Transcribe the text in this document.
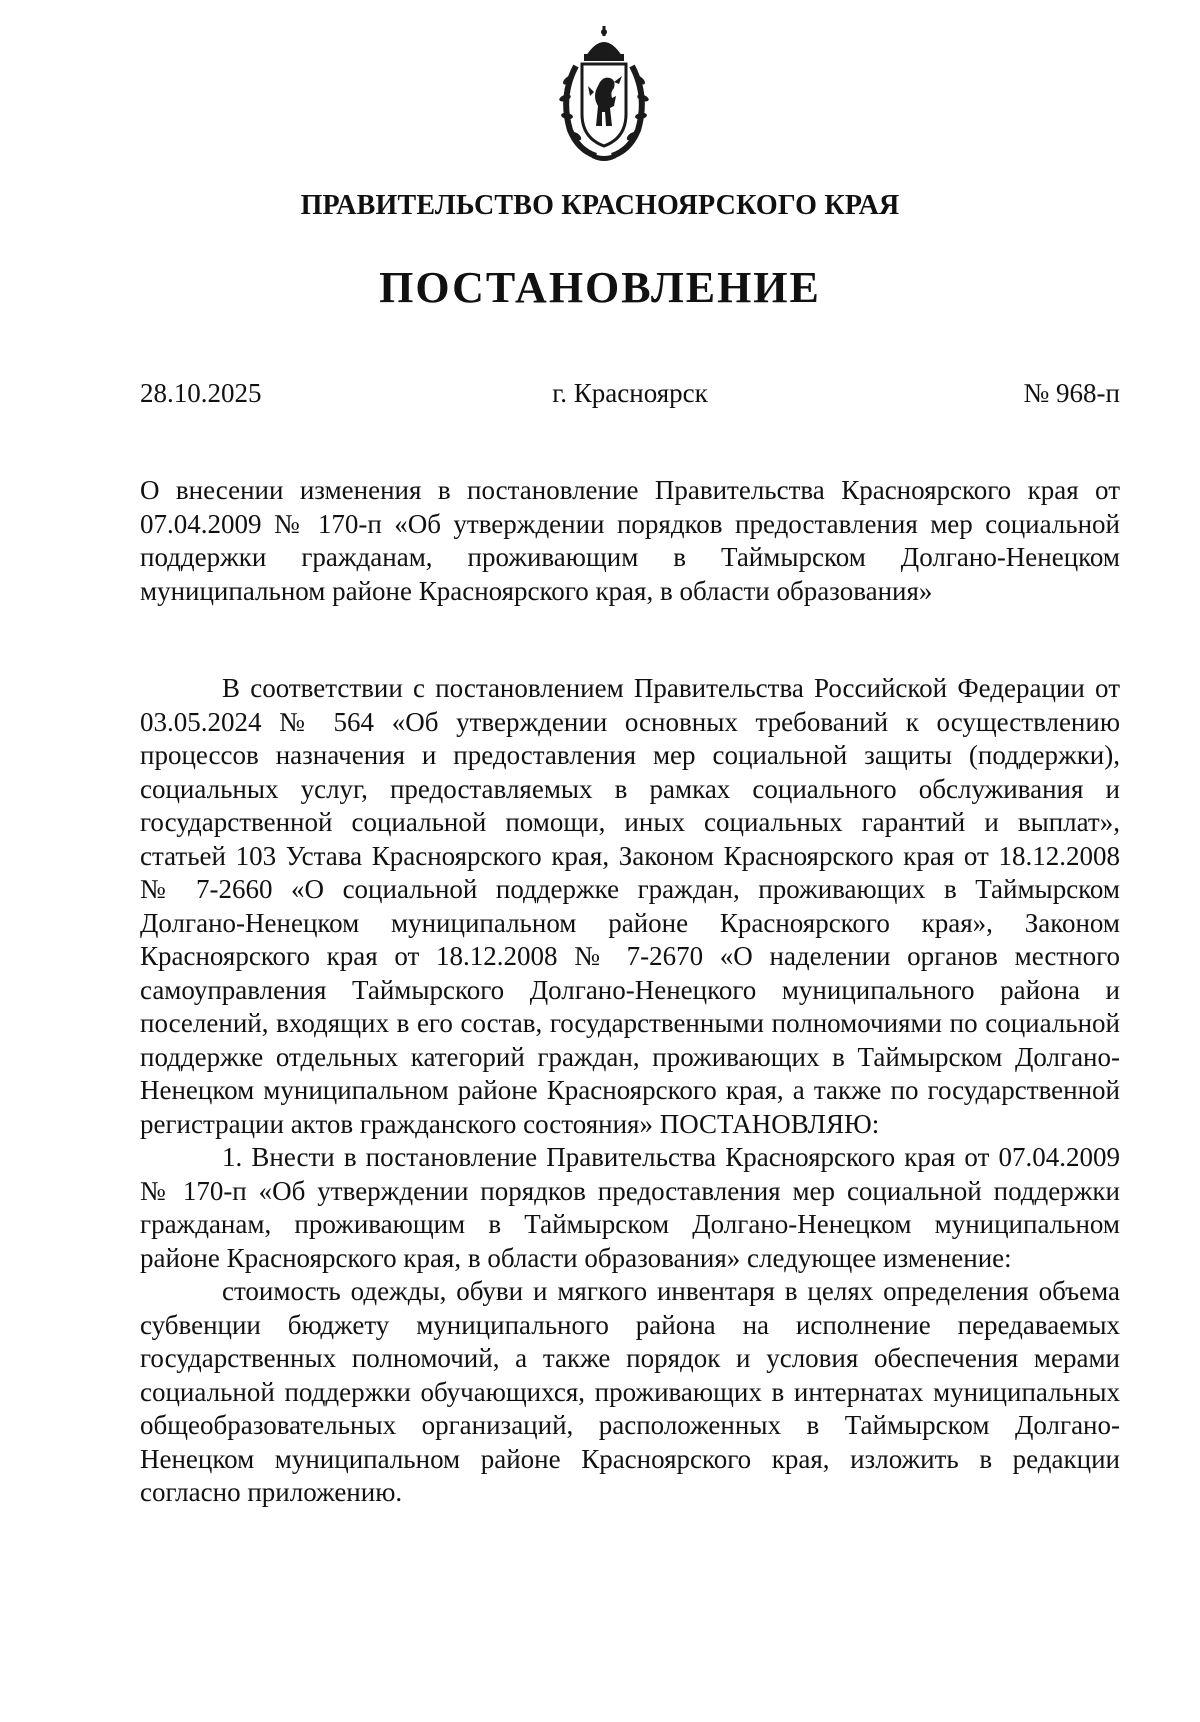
ПРАВИТЕЛЬСТВО КРАСНОЯРСКОГО КРАЯ
ПОСТАНОВЛЕНИЕ
28.10.2025	г. Красноярск	№ 968-п
О внесении изменения в постановление Правительства Красноярского края от 07.04.2009 № 170-п «Об утверждении порядков предоставления мер социальной поддержки гражданам, проживающим в Таймырском Долгано-Ненецком муниципальном районе Красноярского края, в области образования»

В соответствии с постановлением Правительства Российской Федерации от 03.05.2024 № 564 «Об утверждении основных требований к осуществлению процессов назначения и предоставления мер социальной защиты (поддержки), социальных услуг, предоставляемых в рамках социального обслуживания и государственной социальной помощи, иных социальных гарантий и выплат», статьей 103 Устава Красноярского края, Законом Красноярского края от 18.12.2008 № 7-2660 «О социальной поддержке граждан, проживающих в Таймырском Долгано-Ненецком муниципальном районе Красноярского края», Законом Красноярского края от 18.12.2008 № 7-2670 «О наделении органов местного самоуправления Таймырского Долгано-Ненецкого муниципального района и поселений, входящих в его состав, государственными полномочиями по социальной поддержке отдельных категорий граждан, проживающих в Таймырском Долгано-Ненецком муниципальном районе Красноярского края, а также по государственной регистрации актов гражданского состояния» ПОСТАНОВЛЯЮ:

1. Внести в постановление Правительства Красноярского края от 07.04.2009 № 170-п «Об утверждении порядков предоставления мер социальной поддержки гражданам, проживающим в Таймырском Долгано-Ненецком муниципальном районе Красноярского края, в области образования» следующее изменение:

стоимость одежды, обуви и мягкого инвентаря в целях определения объема субвенции бюджету муниципального района на исполнение передаваемых государственных полномочий, а также порядок и условия обеспечения мерами социальной поддержки обучающихся, проживающих в интернатах муниципальных общеобразовательных организаций, расположенных в Таймырском Долгано-Ненецком муниципальном районе Красноярского края, изложить в редакции согласно приложению.
